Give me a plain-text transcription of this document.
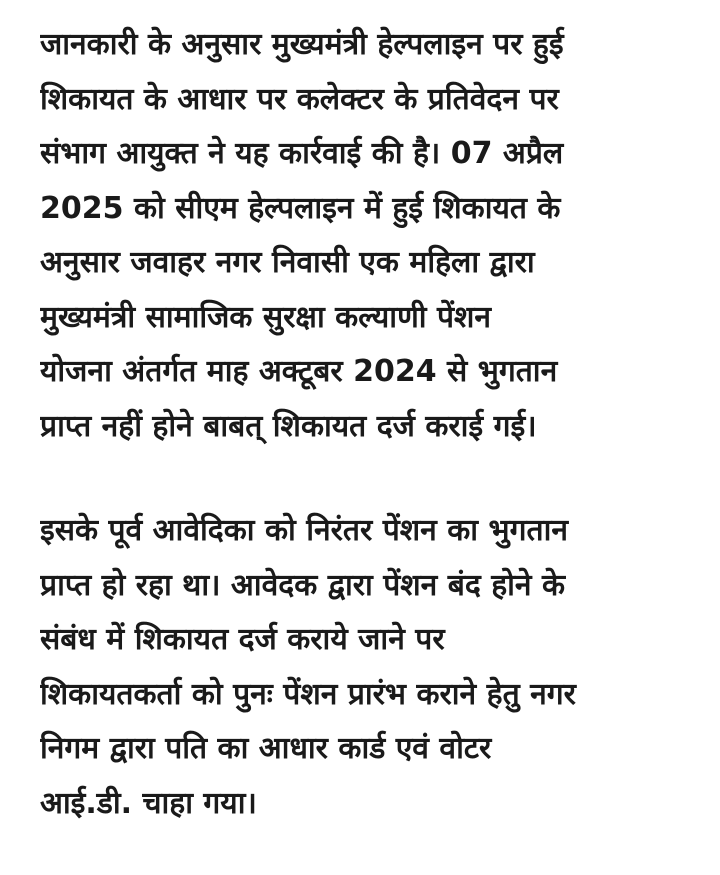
जानकारी के अनुसार मुख्यमंत्री हेल्पलाइन पर हुई
शिकायत के आधार पर कलेक्टर के प्रतिवेदन पर
संभाग आयुक्त ने यह कार्रवाई की है। 07 अप्रैल
2025 को सीएम हेल्पलाइन में हुई शिकायत के
अनुसार जवाहर नगर निवासी एक महिला द्वारा
मुख्यमंत्री सामाजिक सुरक्षा कल्याणी पेंशन
योजना अंतर्गत माह अक्टूबर 2024 से भुगतान
प्राप्त नहीं होने बाबत् शिकायत दर्ज कराई गई।

इसके पूर्व आवेदिका को निरंतर पेंशन का भुगतान
प्राप्त हो रहा था। आवेदक द्वारा पेंशन बंद होने के
संबंध में शिकायत दर्ज कराये जाने पर
शिकायतकर्ता को पुनः पेंशन प्रारंभ कराने हेतु नगर
निगम द्वारा पति का आधार कार्ड एवं वोटर
आई.डी. चाहा गया।
